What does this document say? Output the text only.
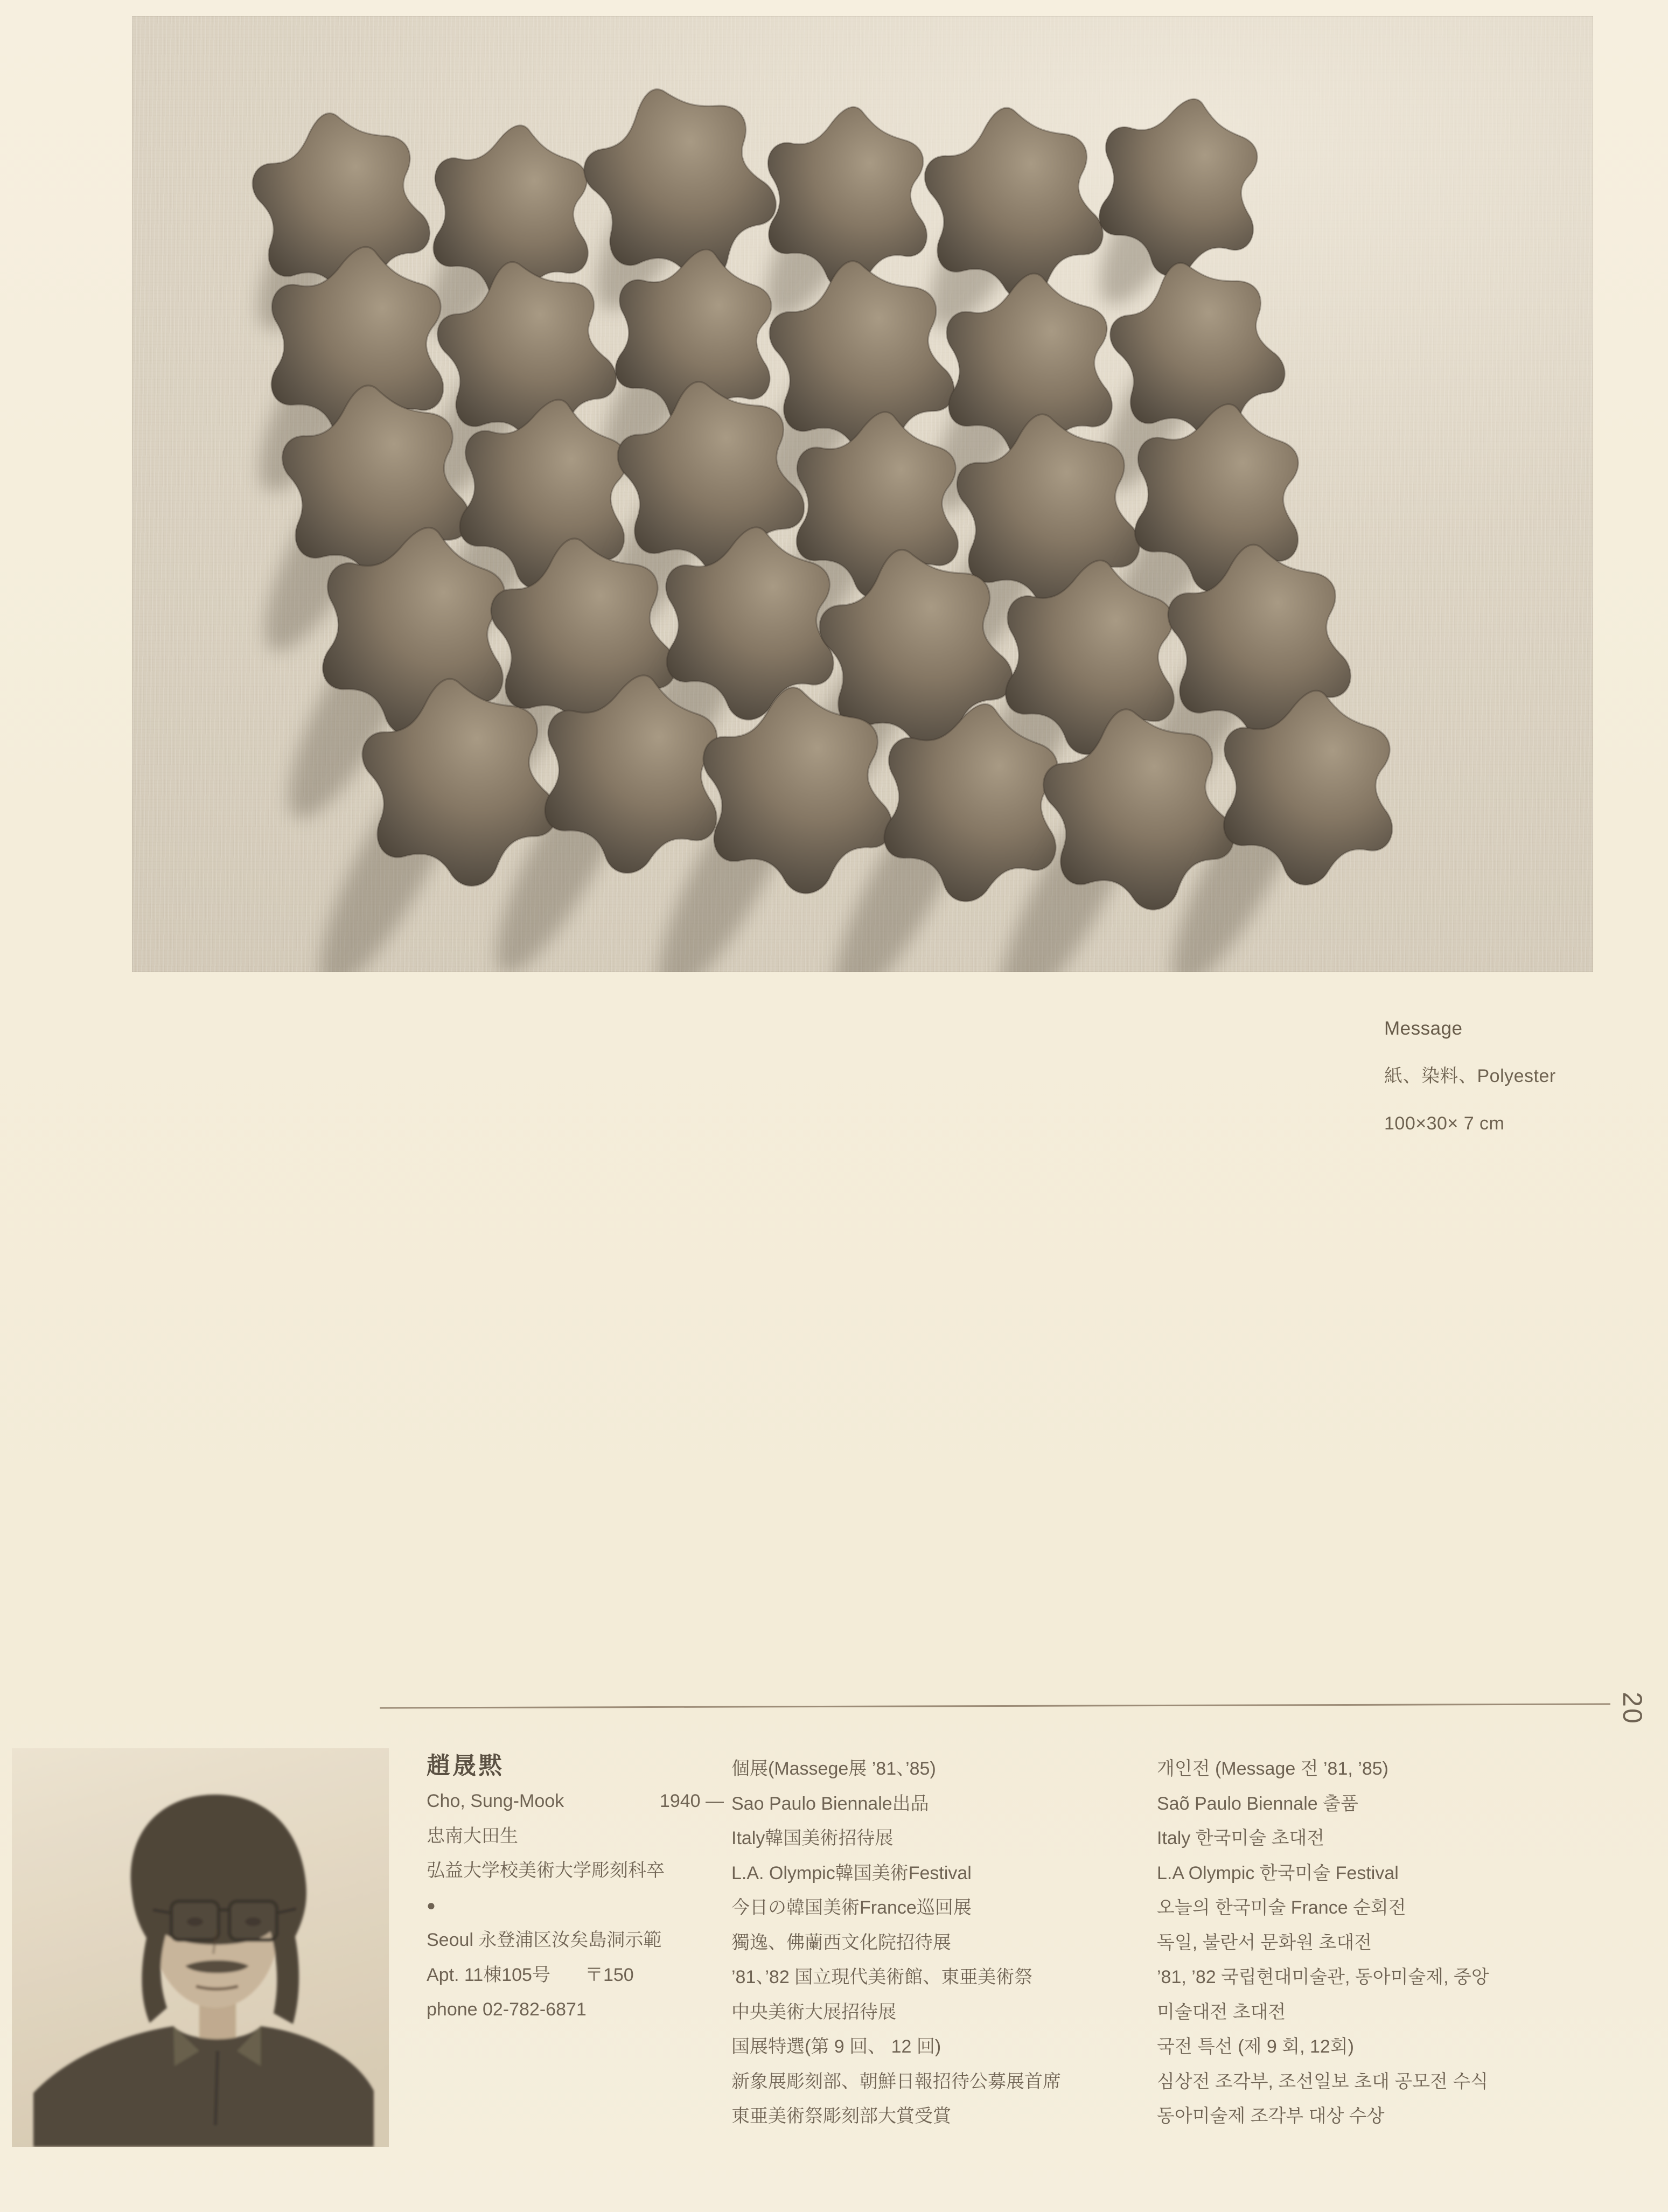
Message
紙、染料、Polyester
100×30× 7 cm
20
趙晟黙
Cho, Sung-Mook	1940 —
忠南大田生
弘益大学校美術大学彫刻科卒
●
Seoul 永登浦区汝矣島洞示範
Apt. 11棟105号 〒150
phone 02-782-6871
個展(Massege展 ’81、’85)
Sao Paulo Biennale出品
Italy韓国美術招待展
L.A. Olympic韓国美術Festival
今日の韓国美術France巡回展
獨逸、佛蘭西文化院招待展
’81、’82 国立現代美術館、東亜美術祭
中央美術大展招待展
国展特選(第 9 回、 12 回)
新象展彫刻部、朝鮮日報招待公募展首席
東亜美術祭彫刻部大賞受賞
개인전 (Message 전 ’81, ’85)
Saõ Paulo Biennale 출품
Italy 한국미술 초대전
L.A Olympic 한국미술 Festival
오늘의 한국미술 France 순회전
독일, 불란서 문화원 초대전
’81, ’82 국립현대미술관, 동아미술제, 중앙
미술대전 초대전
국전 특선 (제 9 회, 12회)
심상전 조각부, 조선일보 초대 공모전 수식
동아미술제 조각부 대상 수상
